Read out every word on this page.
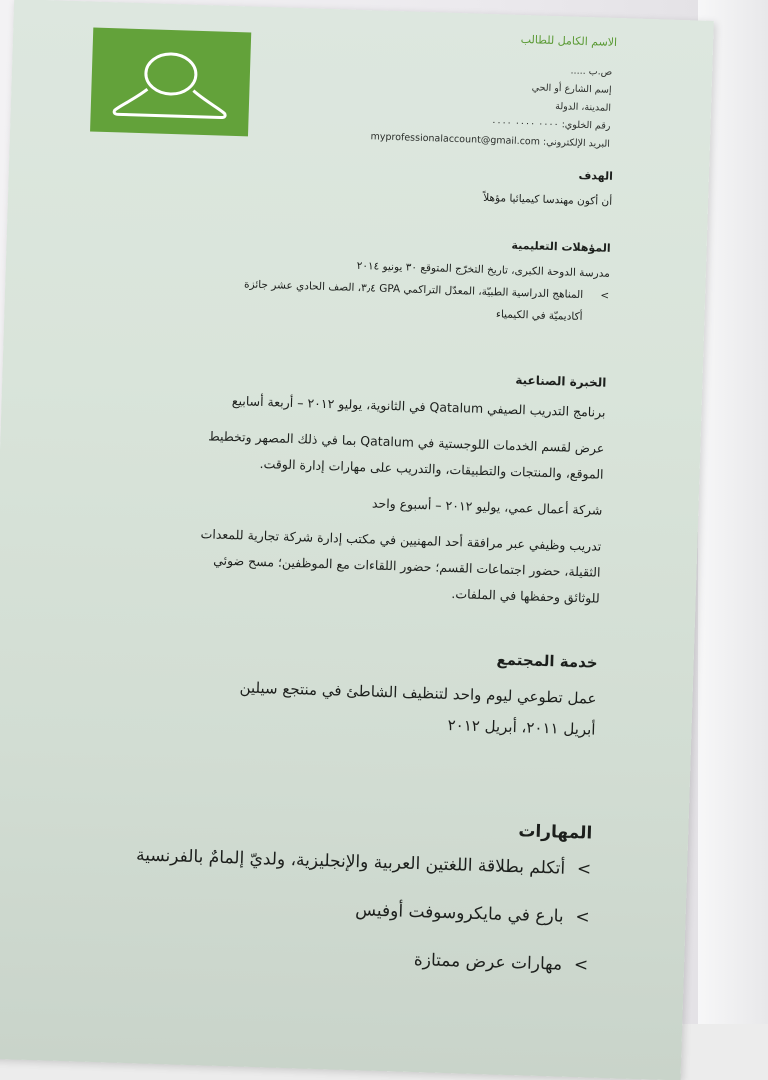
الاسم الكامل للطالب
ص.ب .....
إسم الشارع أو الحي
المدينة، الدولة
رقم الخلوي: ٠٠٠٠ ٠٠٠٠ ٠٠٠٠
البريد الإلكتروني: myprofessionalaccount@gmail.com
الهدف
أن أكون مهندسا كيميائيا مؤهلاً
المؤهلات التعليمية
مدرسة الدوحة الكبرى، تاريخ التخرّج المتوقع ٣٠ يونيو ٢٠١٤
>
المناهج الدراسية الطبيّة، المعدّل التراكمي GPA ٣٫٤، الصف الحادي عشر جائزة
أكاديميّة في الكيمياء
الخبرة الصناعية
برنامج التدريب الصيفي Qatalum في الثانوية، يوليو ٢٠١٢ – أربعة أسابيع
عرض لقسم الخدمات اللوجستية في Qatalum بما في ذلك المصهر وتخطيط
الموقع، والمنتجات والتطبيقات، والتدريب على مهارات إدارة الوقت.
شركة أعمال عمي، يوليو ٢٠١٢ – أسبوع واحد
تدريب وظيفي عبر مرافقة أحد المهنيين في مكتب إدارة شركة تجارية للمعدات
الثقيلة، حضور اجتماعات القسم؛ حضور اللقاءات مع الموظفين؛ مسح ضوئي
للوثائق وحفظها في الملفات.
خدمة المجتمع
عمل تطوعي ليوم واحد لتنظيف الشاطئ في منتجع سيلين
أبريل ٢٠١١، أبريل ٢٠١٢
المهارات
>
أتكلم بطلاقة اللغتين العربية والإنجليزية، ولديّ إلمامٌ بالفرنسية
>
بارع في مايكروسوفت أوفيس
>
مهارات عرض ممتازة
